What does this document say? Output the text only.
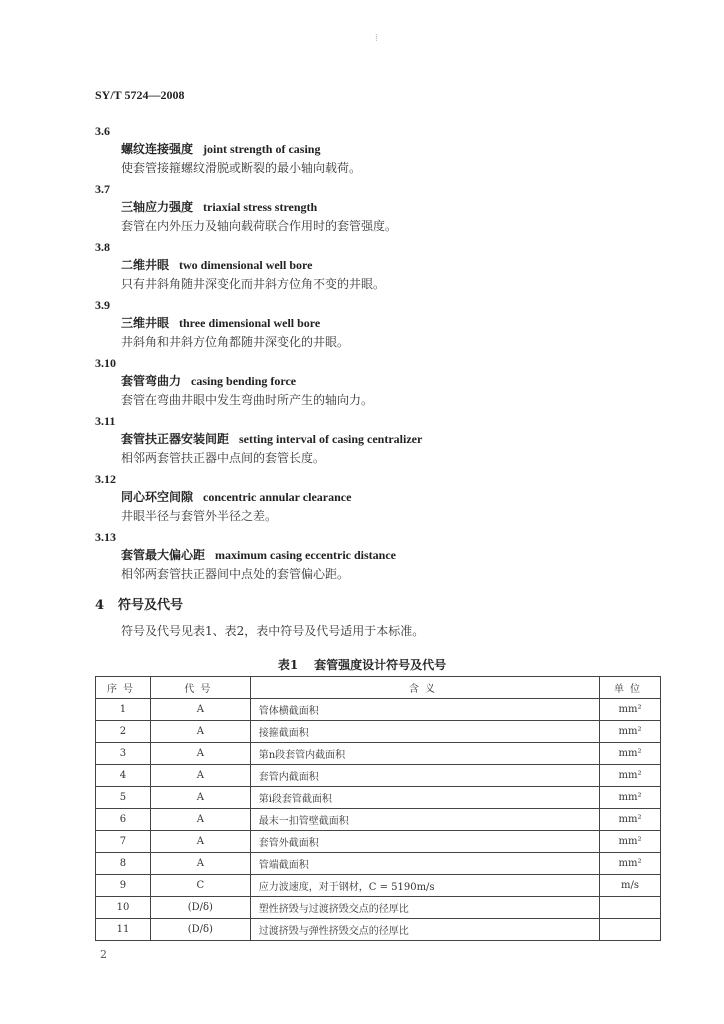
⁞
SY/T 5724—2008
3.6
螺纹连接强度 joint strength of casing
使套管接箍螺纹滑脱或断裂的最小轴向载荷。
3.7
三轴应力强度 triaxial stress strength
套管在内外压力及轴向载荷联合作用时的套管强度。
3.8
二维井眼 two dimensional well bore
只有井斜角随井深变化而井斜方位角不变的井眼。
3.9
三维井眼 three dimensional well bore
井斜角和井斜方位角都随井深变化的井眼。
3.10
套管弯曲力 casing bending force
套管在弯曲井眼中发生弯曲时所产生的轴向力。
3.11
套管扶正器安装间距 setting interval of casing centralizer
相邻两套管扶正器中点间的套管长度。
3.12
同心环空间隙 concentric annular clearance
井眼半径与套管外半径之差。
3.13
套管最大偏心距 maximum casing eccentric distance
相邻两套管扶正器间中点处的套管偏心距。
4 符号及代号
符号及代号见表1、表2，表中符号及代号适用于本标准。
表1 套管强度设计符号及代号
序号	代号	含义	单位
1	A	管体横截面积	mm²
2	A	接箍截面积	mm²
3	A	第n段套管内截面积	mm²
4	A	套管内截面积	mm²
5	A	第i段套管截面积	mm²
6	A	最末一扣管壁截面积	mm²
7	A	套管外截面积	mm²
8	A	管端截面积	mm²
9	C	应力波速度，对于钢材，C = 5190m/s	m/s
10	(D/δ)	塑性挤毁与过渡挤毁交点的径厚比	
11	(D/δ)	过渡挤毁与弹性挤毁交点的径厚比	
2
